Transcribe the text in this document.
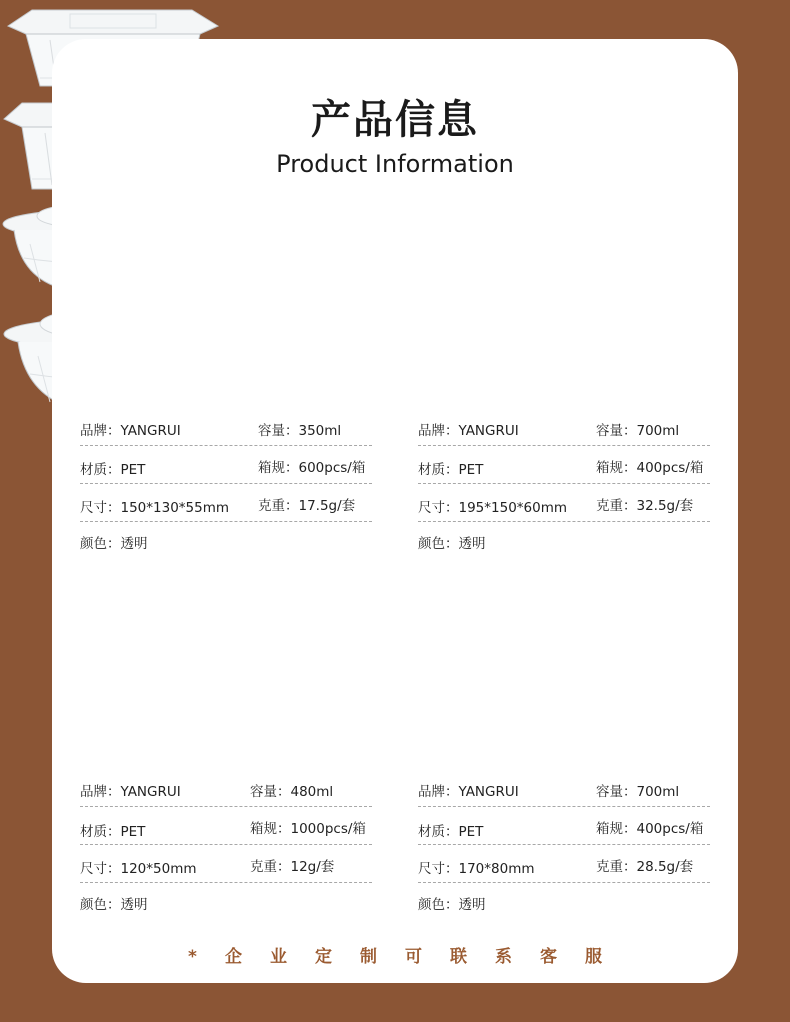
产品信息
Product Information
品牌：YANGRUI	容量：350ml
材质：PET	箱规：600pcs/箱
尺寸：150*130*55mm 克重：17.5g/套
颜色：透明
品牌：YANGRUI	容量：700ml
材质：PET	箱规：400pcs/箱
尺寸：195*150*60mm 克重：32.5g/套
颜色：透明
品牌：YANGRUI	容量：480ml
材质：PET	箱规：1000pcs/箱
尺寸：120*50mm	克重：12g/套
颜色：透明
品牌：YANGRUI	容量：700ml
材质：PET	箱规：400pcs/箱
尺寸：170*80mm	克重：28.5g/套
颜色：透明
* 企 业 定 制 可 联 系 客 服
